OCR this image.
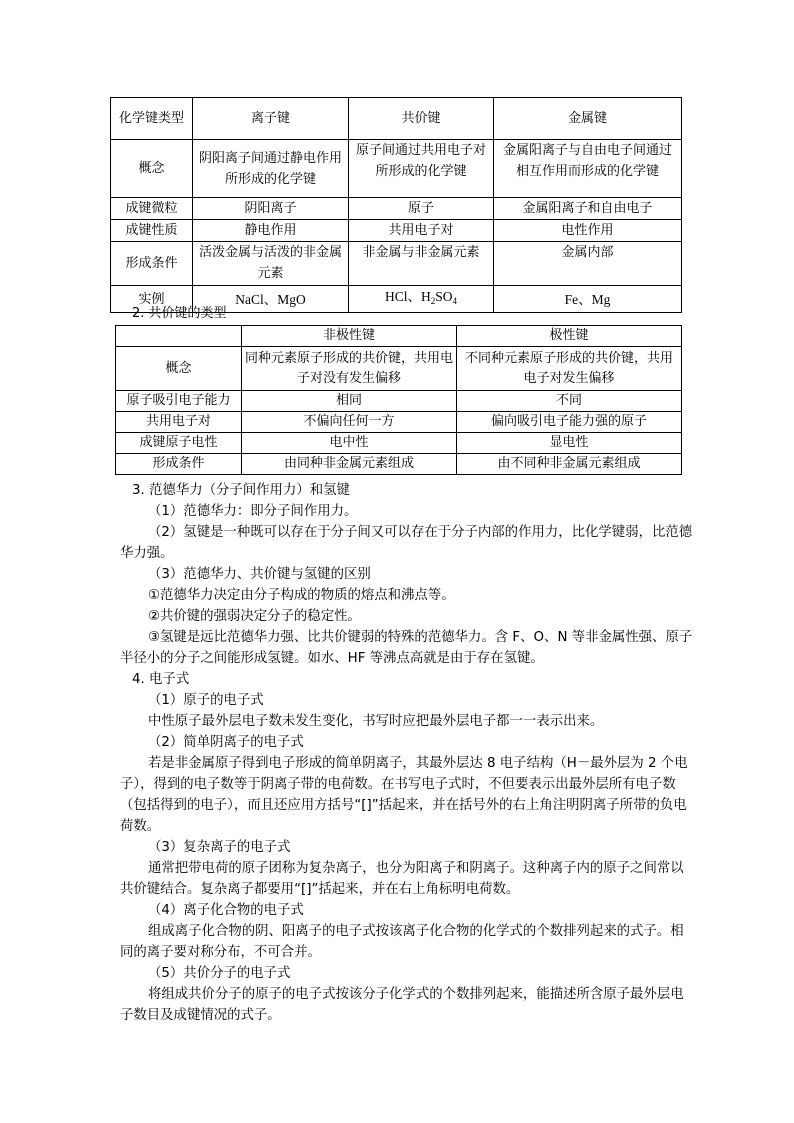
化学键类型	离子键	共价键	金属键
概念	阴阳离子间通过静电作用所形成的化学键	原子间通过共用电子对所形成的化学键	金属阳离子与自由电子间通过相互作用而形成的化学键
成键微粒	阴阳离子	原子	金属阳离子和自由电子
成键性质	静电作用	共用电子对	电性作用
形成条件	活泼金属与活泼的非金属元素	非金属与非金属元素	金属内部
实例	NaCl、MgO	HCl、$H_2SO_4$	Fe、Mg
2. 共价键的类型
	非极性键	极性键
概念	同种元素原子形成的共价键，共用电子对没有发生偏移	不同种元素原子形成的共价键，共用电子对发生偏移
原子吸引电子能力	相同	不同
共用电子对	不偏向任何一方	偏向吸引电子能力强的原子
成键原子电性	电中性	显电性
形成条件	由同种非金属元素组成	由不同种非金属元素组成
3. 范德华力（分子间作用力）和氢键
（1）范德华力：即分子间作用力。
（2）氢键是一种既可以存在于分子间又可以存在于分子内部的作用力，比化学键弱，比范德华力强。
（3）范德华力、共价键与氢键的区别
①范德华力决定由分子构成的物质的熔点和沸点等。
②共价键的强弱决定分子的稳定性。
③氢键是远比范德华力强、比共价键弱的特殊的范德华力。含 F、O、N 等非金属性强、原子半径小的分子之间能形成氢键。如水、HF 等沸点高就是由于存在氢键。
4. 电子式
（1）原子的电子式
中性原子最外层电子数未发生变化，书写时应把最外层电子都一一表示出来。
（2）简单阴离子的电子式
若是非金属原子得到电子形成的简单阴离子，其最外层达 8 电子结构（H－最外层为 2 个电子），得到的电子数等于阴离子带的电荷数。在书写电子式时，不但要表示出最外层所有电子数（包括得到的电子），而且还应用方括号“[]”括起来，并在括号外的右上角注明阴离子所带的负电荷数。
（3）复杂离子的电子式
通常把带电荷的原子团称为复杂离子，也分为阳离子和阴离子。这种离子内的原子之间常以共价键结合。复杂离子都要用“[]”括起来，并在右上角标明电荷数。
（4）离子化合物的电子式
组成离子化合物的阴、阳离子的电子式按该离子化合物的化学式的个数排列起来的式子。相同的离子要对称分布，不可合并。
（5）共价分子的电子式
将组成共价分子的原子的电子式按该分子化学式的个数排列起来，能描述所含原子最外层电子数目及成键情况的式子。
